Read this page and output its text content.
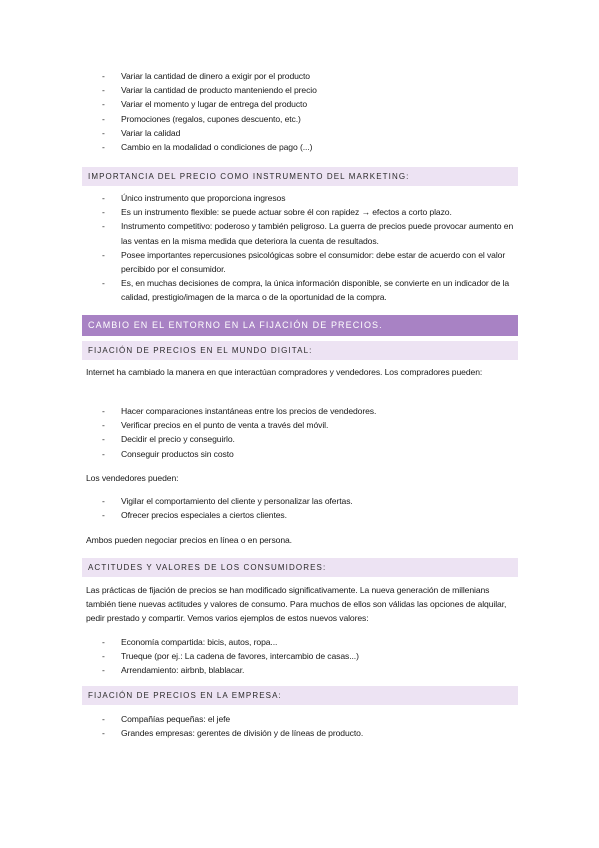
- Variar la cantidad de dinero a exigir por el producto
- Variar la cantidad de producto manteniendo el precio
- Variar el momento y lugar de entrega del producto
- Promociones (regalos, cupones descuento, etc.)
- Variar la calidad
- Cambio en la modalidad o condiciones de pago (...)
IMPORTANCIA DEL PRECIO COMO INSTRUMENTO DEL MARKETING:
- Único instrumento que proporciona ingresos
- Es un instrumento flexible: se puede actuar sobre él con rapidez → efectos a corto plazo.
- Instrumento competitivo: poderoso y también peligroso. La guerra de precios puede provocar aumento en las ventas en la misma medida que deteriora la cuenta de resultados.
- Posee importantes repercusiones psicológicas sobre el consumidor: debe estar de acuerdo con el valor percibido por el consumidor.
- Es, en muchas decisiones de compra, la única información disponible, se convierte en un indicador de la calidad, prestigio/imagen de la marca o de la oportunidad de la compra.
CAMBIO EN EL ENTORNO EN LA FIJACIÓN DE PRECIOS.
FIJACIÓN DE PRECIOS EN EL MUNDO DIGITAL:
Internet ha cambiado la manera en que interactúan compradores y vendedores. Los compradores pueden:
- Hacer comparaciones instantáneas entre los precios de vendedores.
- Verificar precios en el punto de venta a través del móvil.
- Decidir el precio y conseguirlo.
- Conseguir productos sin costo
Los vendedores pueden:
- Vigilar el comportamiento del cliente y personalizar las ofertas.
- Ofrecer precios especiales a ciertos clientes.
Ambos pueden negociar precios en línea o en persona.
ACTITUDES Y VALORES DE LOS CONSUMIDORES:
Las prácticas de fijación de precios se han modificado significativamente. La nueva generación de millenians también tiene nuevas actitudes y valores de consumo. Para muchos de ellos son válidas las opciones de alquilar, pedir prestado y compartir. Vemos varios ejemplos de estos nuevos valores:
- Economía compartida: bicis, autos, ropa...
- Trueque (por ej.: La cadena de favores, intercambio de casas...)
- Arrendamiento: airbnb, blablacar.
FIJACIÓN DE PRECIOS EN LA EMPRESA:
- Compañías pequeñas: el jefe
- Grandes empresas: gerentes de división y de líneas de producto.
